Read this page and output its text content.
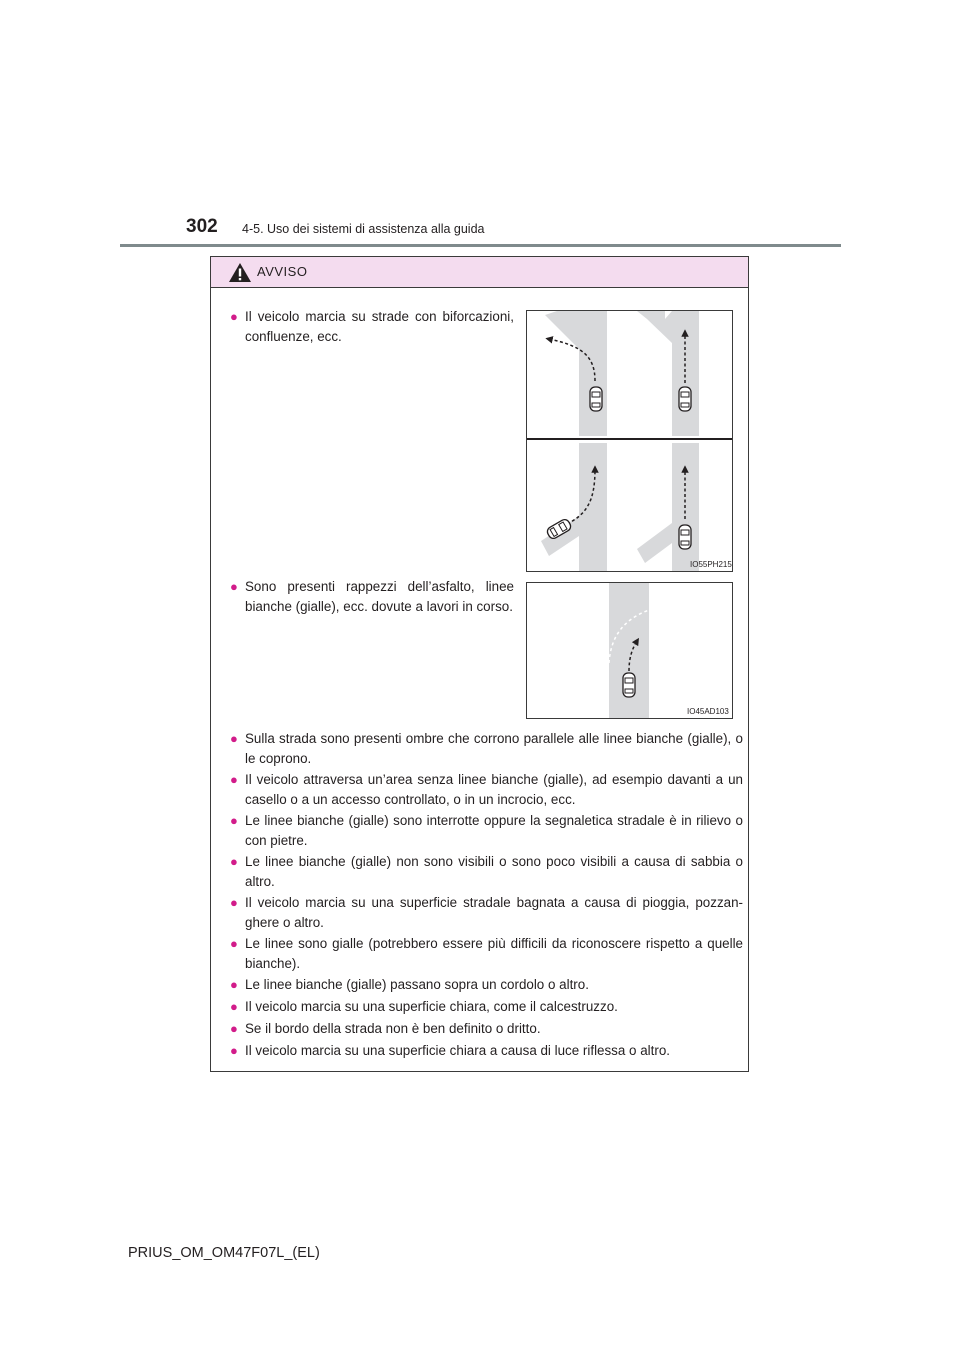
302 4-5. Uso dei sistemi di assistenza alla guida
AVVISO
● Il veicolo marcia su strade con biforcazioni, confluenze, ecc.
IO55PH215
● Sono presenti rappezzi dell’asfalto, linee bianche (gialle), ecc. dovute a lavori in corso.
IO45AD103
● Sulla strada sono presenti ombre che corrono parallele alle linee bianche (gialle), o le coprono.
● Il veicolo attraversa un’area senza linee bianche (gialle), ad esempio davanti a un casello o a un accesso controllato, o in un incrocio, ecc.
● Le linee bianche (gialle) sono interrotte oppure la segnaletica stradale è in rilievo o con pietre.
● Le linee bianche (gialle) non sono visibili o sono poco visibili a causa di sabbia o altro.
● Il veicolo marcia su una superficie stradale bagnata a causa di pioggia, pozzan-ghere o altro.
● Le linee sono gialle (potrebbero essere più difficili da riconoscere rispetto a quelle bianche).
● Le linee bianche (gialle) passano sopra un cordolo o altro.
● Il veicolo marcia su una superficie chiara, come il calcestruzzo.
● Se il bordo della strada non è ben definito o dritto.
● Il veicolo marcia su una superficie chiara a causa di luce riflessa o altro.
PRIUS_OM_OM47F07L_(EL)
